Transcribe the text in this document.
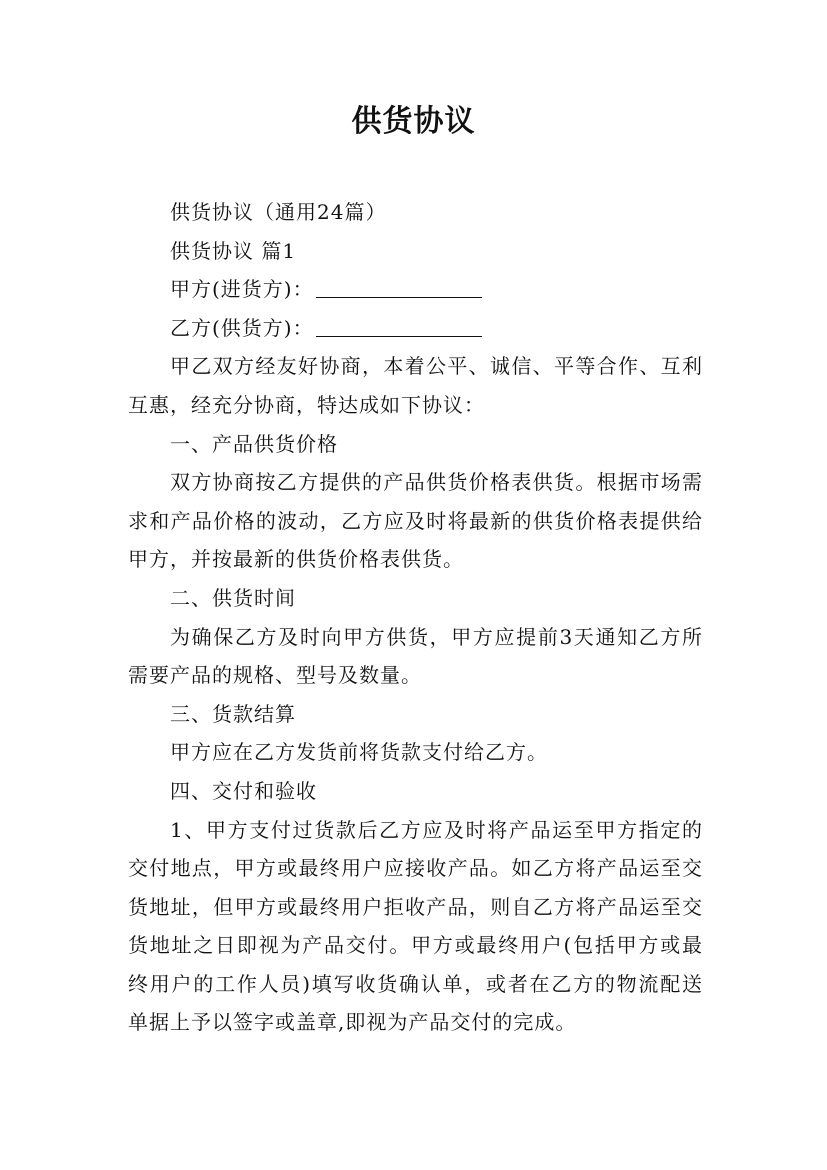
供货协议

供货协议（通用24篇）

供货协议 篇1

甲方(进货方)：

乙方(供货方)：

甲乙双方经友好协商，本着公平、诚信、平等合作、互利互惠，经充分协商，特达成如下协议：

一、产品供货价格

双方协商按乙方提供的产品供货价格表供货。根据市场需求和产品价格的波动，乙方应及时将最新的供货价格表提供给甲方，并按最新的供货价格表供货。

二、供货时间

为确保乙方及时向甲方供货，甲方应提前3天通知乙方所需要产品的规格、型号及数量。

三、货款结算

甲方应在乙方发货前将货款支付给乙方。

四、交付和验收

1、甲方支付过货款后乙方应及时将产品运至甲方指定的交付地点，甲方或最终用户应接收产品。如乙方将产品运至交货地址，但甲方或最终用户拒收产品，则自乙方将产品运至交货地址之日即视为产品交付。甲方或最终用户(包括甲方或最终用户的工作人员)填写收货确认单，或者在乙方的物流配送单据上予以签字或盖章,即视为产品交付的完成。
